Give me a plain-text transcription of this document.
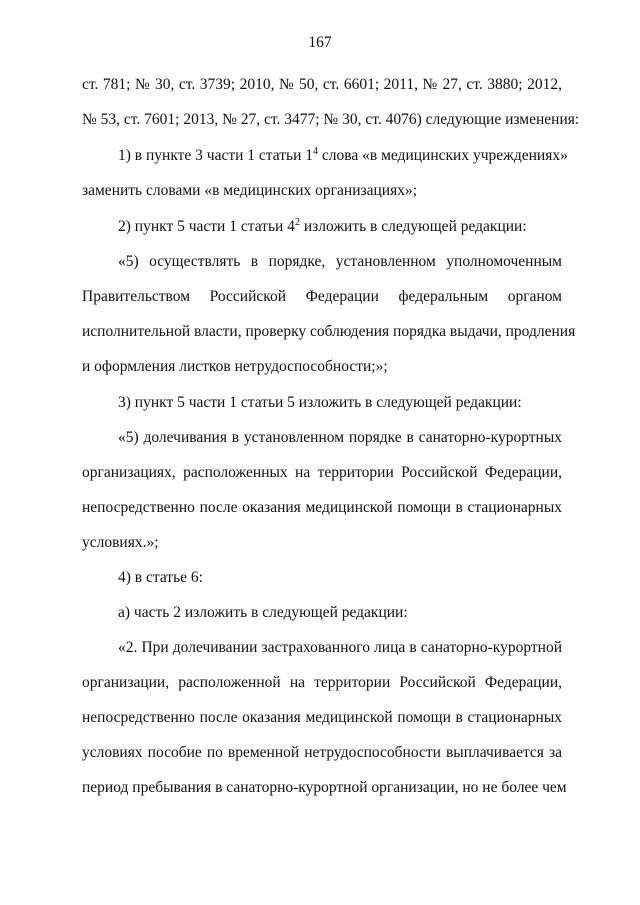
167
ст. 781; № 30, ст. 3739; 2010, № 50, ст. 6601; 2011, № 27, ст. 3880; 2012,
№ 53, ст. 7601; 2013, № 27, ст. 3477; № 30, ст. 4076) следующие изменения:
1) в пункте 3 части 1 статьи $1^4$ слова «в медицинских учреждениях»
заменить словами «в медицинских организациях»;
2) пункт 5 части 1 статьи $4^2$ изложить в следующей редакции:
«5) осуществлять в порядке, установленном уполномоченным
Правительством Российской Федерации федеральным органом
исполнительной власти, проверку соблюдения порядка выдачи, продления
и оформления листков нетрудоспособности;»;
3) пункт 5 части 1 статьи 5 изложить в следующей редакции:
«5) долечивания в установленном порядке в санаторно-курортных
организациях, расположенных на территории Российской Федерации,
непосредственно после оказания медицинской помощи в стационарных
условиях.»;
4) в статье 6:
а) часть 2 изложить в следующей редакции:
«2. При долечивании застрахованного лица в санаторно-курортной
организации, расположенной на территории Российской Федерации,
непосредственно после оказания медицинской помощи в стационарных
условиях пособие по временной нетрудоспособности выплачивается за
период пребывания в санаторно-курортной организации, но не более чем
